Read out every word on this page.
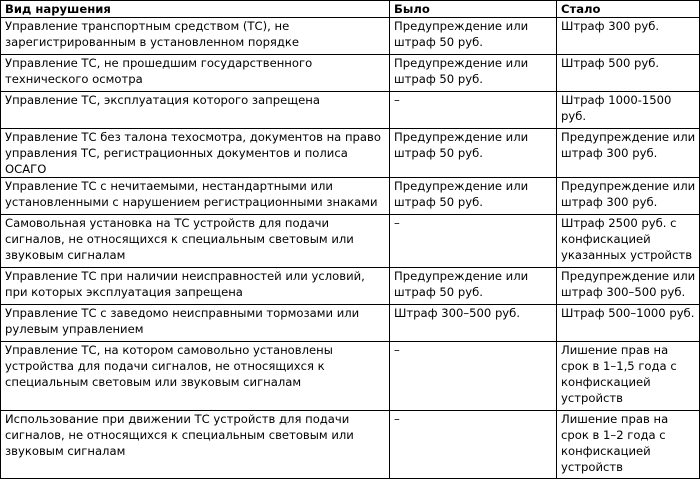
Вид нарушения	Было	Стало
Управление транспортным средством (ТС), не зарегистрированным в установленном порядке	Предупреждение или штраф 50 руб.	Штраф 300 руб.
Управление ТС, не прошедшим государственного технического осмотра	Предупреждение или штраф 50 руб.	Штраф 500 руб.
Управление ТС, эксплуатация которого запрещена	–	Штраф 1000-1500 руб.
Управление ТС без талона техосмотра, документов на право управления ТС, регистрационных документов и полиса ОСАГО	Предупреждение или штраф 50 руб.	Предупреждение или штраф 300 руб.
Управление ТС с нечитаемыми, нестандартными или установленными с нарушением регистрационными знаками	Предупреждение или штраф 50 руб.	Предупреждение или штраф 300 руб.
Самовольная установка на ТС устройств для подачи сигналов, не относящихся к специальным световым или звуковым сигналам	–	Штраф 2500 руб. с конфискацией указанных устройств
Управление ТС при наличии неисправностей или условий, при которых эксплуатация запрещена	Предупреждение или штраф 50 руб.	Предупреждение или штраф 300–500 руб.
Управление ТС с заведомо неисправными тормозами или рулевым управлением	Штраф 300–500 руб.	Штраф 500–1000 руб.
Управление ТС, на котором самовольно установлены устройства для подачи сигналов, не относящихся к специальным световым или звуковым сигналам	–	Лишение прав на срок в 1–1,5 года с конфискацией устройств
Использование при движении ТС устройств для подачи сигналов, не относящихся к специальным световым или звуковым сигналам	–	Лишение прав на срок в 1–2 года с конфискацией устройств
